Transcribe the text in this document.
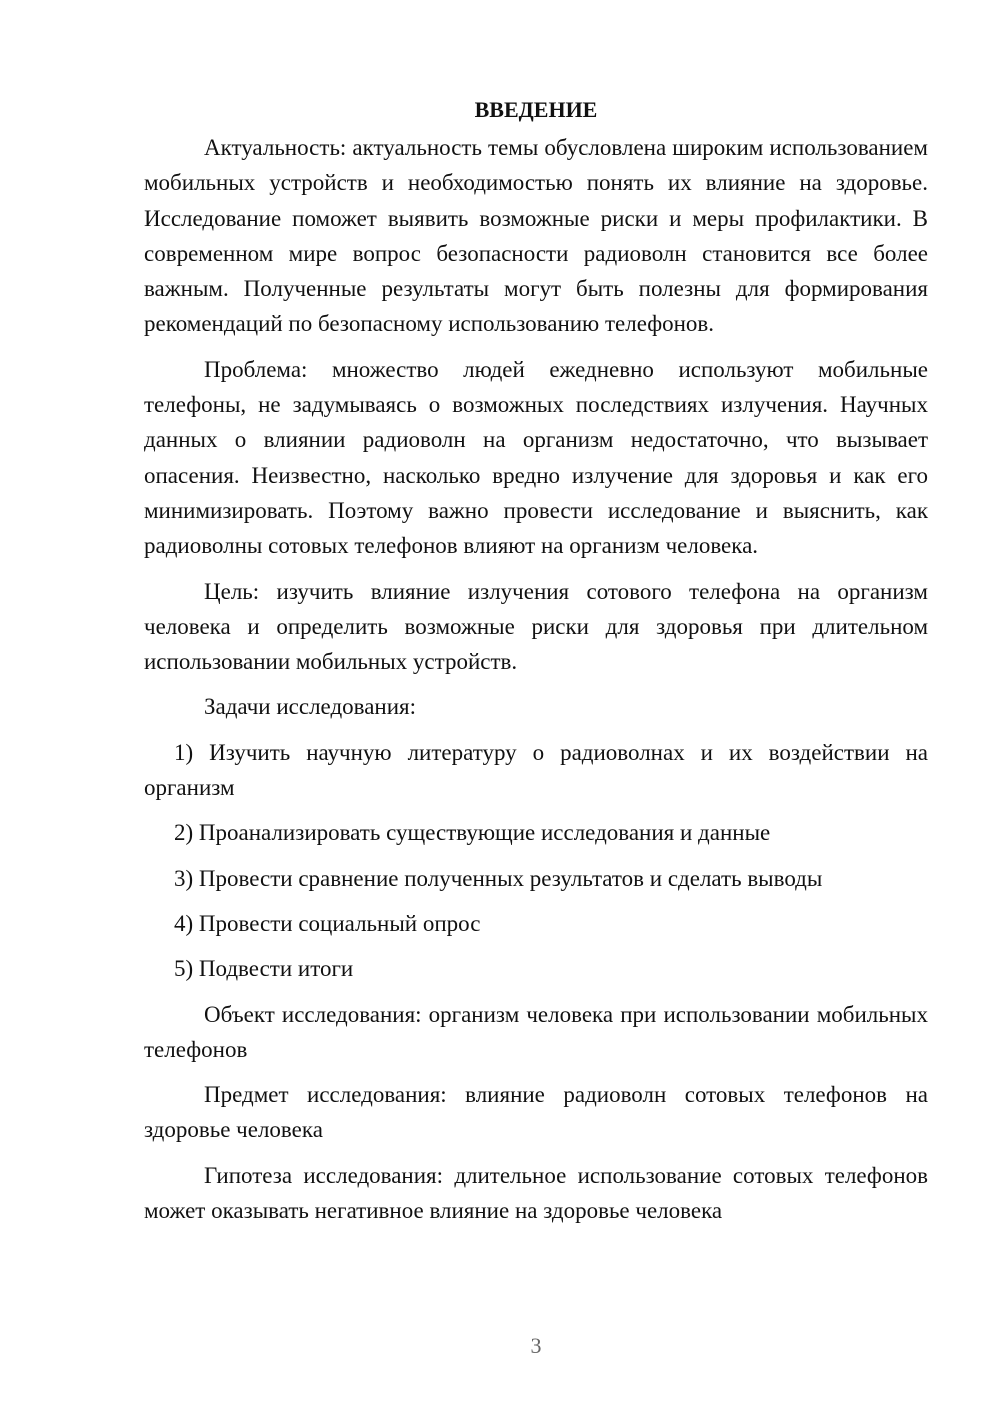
ВВЕДЕНИЕ

Актуальность: актуальность темы обусловлена широким использованием мобильных устройств и необходимостью понять их влияние на здоровье. Исследование поможет выявить возможные риски и меры профилактики. В современном мире вопрос безопасности радиоволн становится все более важным. Полученные результаты могут быть полезны для формирования рекомендаций по безопасному использованию телефонов.

Проблема: множество людей ежедневно используют мобильные телефоны, не задумываясь о возможных последствиях излучения. Научных данных о влиянии радиоволн на организм недостаточно, что вызывает опасения. Неизвестно, насколько вредно излучение для здоровья и как его минимизировать. Поэтому важно провести исследование и выяснить, как радиоволны сотовых телефонов влияют на организм человека.

Цель: изучить влияние излучения сотового телефона на организм человека и определить возможные риски для здоровья при длительном использовании мобильных устройств.

Задачи исследования:

1) Изучить научную литературу о радиоволнах и их воздействии на организм

2) Проанализировать существующие исследования и данные

3) Провести сравнение полученных результатов и сделать выводы

4) Провести социальный опрос

5) Подвести итоги

Объект исследования: организм человека при использовании мобильных телефонов

Предмет исследования: влияние радиоволн сотовых телефонов на здоровье человека

Гипотеза исследования: длительное использование сотовых телефонов может оказывать негативное влияние на здоровье человека

3
